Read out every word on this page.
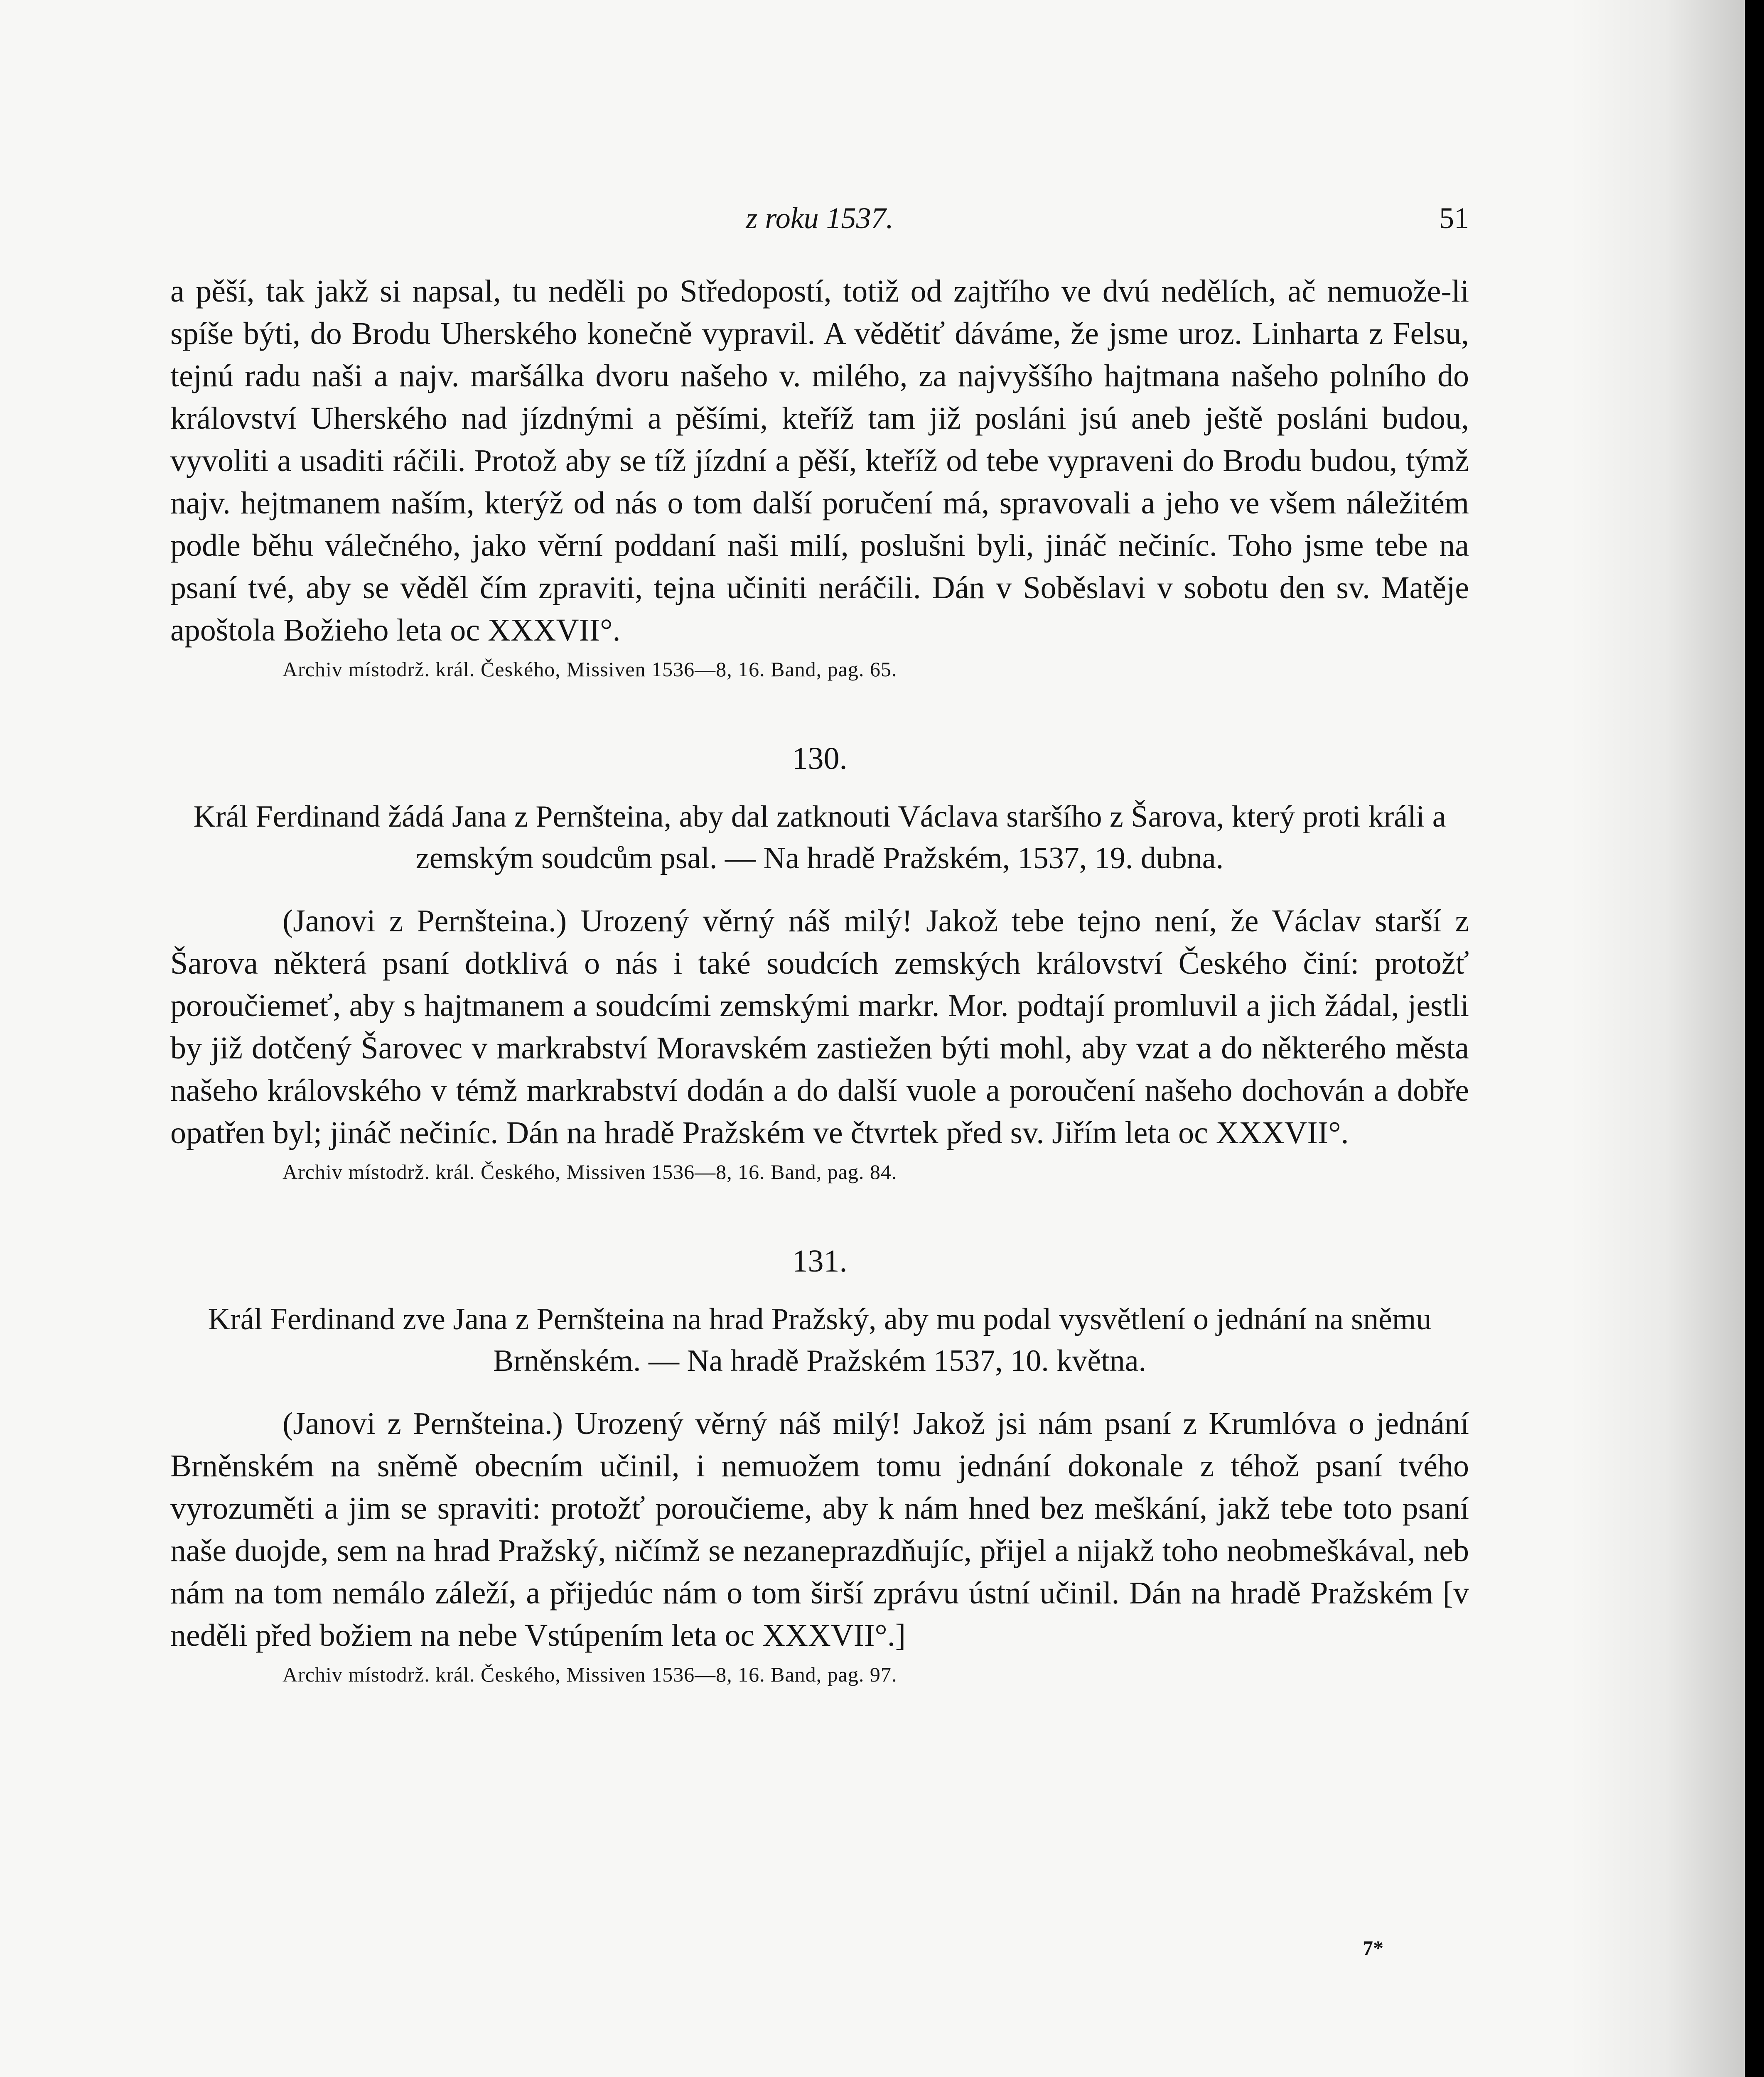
z roku 1537.	51

a pěší, tak jakž si napsal, tu neděli po Středopostí, totiž od zajtřího ve dvú nedělích, ač nemuože-li spíše býti, do Brodu Uherského konečně vypravil. A vědětiť dáváme, že jsme uroz. Linharta z Felsu, tejnú radu naši a najv. maršálka dvoru našeho v. milého, za najvyššího hajtmana našeho polního do království Uherského nad jízdnými a pěšími, kteříž tam již posláni jsú aneb ještě posláni budou, vyvoliti a usaditi ráčili. Protož aby se tíž jízdní a pěší, kteříž od tebe vypraveni do Brodu budou, týmž najv. hejtmanem naším, kterýž od nás o tom další poručení má, spravovali a jeho ve všem náležitém podle běhu válečného, jako věrní poddaní naši milí, poslušni byli, jináč nečiníc. Toho jsme tebe na psaní tvé, aby se věděl čím zpraviti, tejna učiniti neráčili. Dán v Soběslavi v sobotu den sv. Matěje apoštola Božieho leta oc XXXVII°.

Archiv místodrž. král. Českého, Missiven 1536—8, 16. Band, pag. 65.

130.

Král Ferdinand žádá Jana z Pernšteina, aby dal zatknouti Václava staršího z Šarova, který proti králi a zemským soudcům psal. — Na hradě Pražském, 1537, 19. dubna.

(Janovi z Pernšteina.) Urozený věrný náš milý! Jakož tebe tejno není, že Václav starší z Šarova některá psaní dotklivá o nás i také soudcích zemských království Českého činí: protožť poroučiemeť, aby s hajtmanem a soudcími zemskými markr. Mor. podtají promluvil a jich žádal, jestli by již dotčený Šarovec v markrabství Moravském zastiežen býti mohl, aby vzat a do některého města našeho královského v témž markrabství dodán a do další vuole a poroučení našeho dochován a dobře opatřen byl; jináč nečiníc. Dán na hradě Pražském ve čtvrtek před sv. Jiřím leta oc XXXVII°.

Archiv místodrž. král. Českého, Missiven 1536—8, 16. Band, pag. 84.

131.

Král Ferdinand zve Jana z Pernšteina na hrad Pražský, aby mu podal vysvětlení o jednání na sněmu Brněnském. — Na hradě Pražském 1537, 10. května.

(Janovi z Pernšteina.) Urozený věrný náš milý! Jakož jsi nám psaní z Krumlóva o jednání Brněnském na sněmě obecním učinil, i nemuožem tomu jednání dokonale z téhož psaní tvého vyrozuměti a jim se spraviti: protožť poroučieme, aby k nám hned bez meškání, jakž tebe toto psaní naše duojde, sem na hrad Pražský, ničímž se nezaneprazdňujíc, přijel a nijakž toho neobmeškával, neb nám na tom nemálo záleží, a přijedúc nám o tom širší zprávu ústní učinil. Dán na hradě Pražském [v neděli před božiem na nebe Vstúpením leta oc XXXVII°.]

Archiv místodrž. král. Českého, Missiven 1536—8, 16. Band, pag. 97.

7*
